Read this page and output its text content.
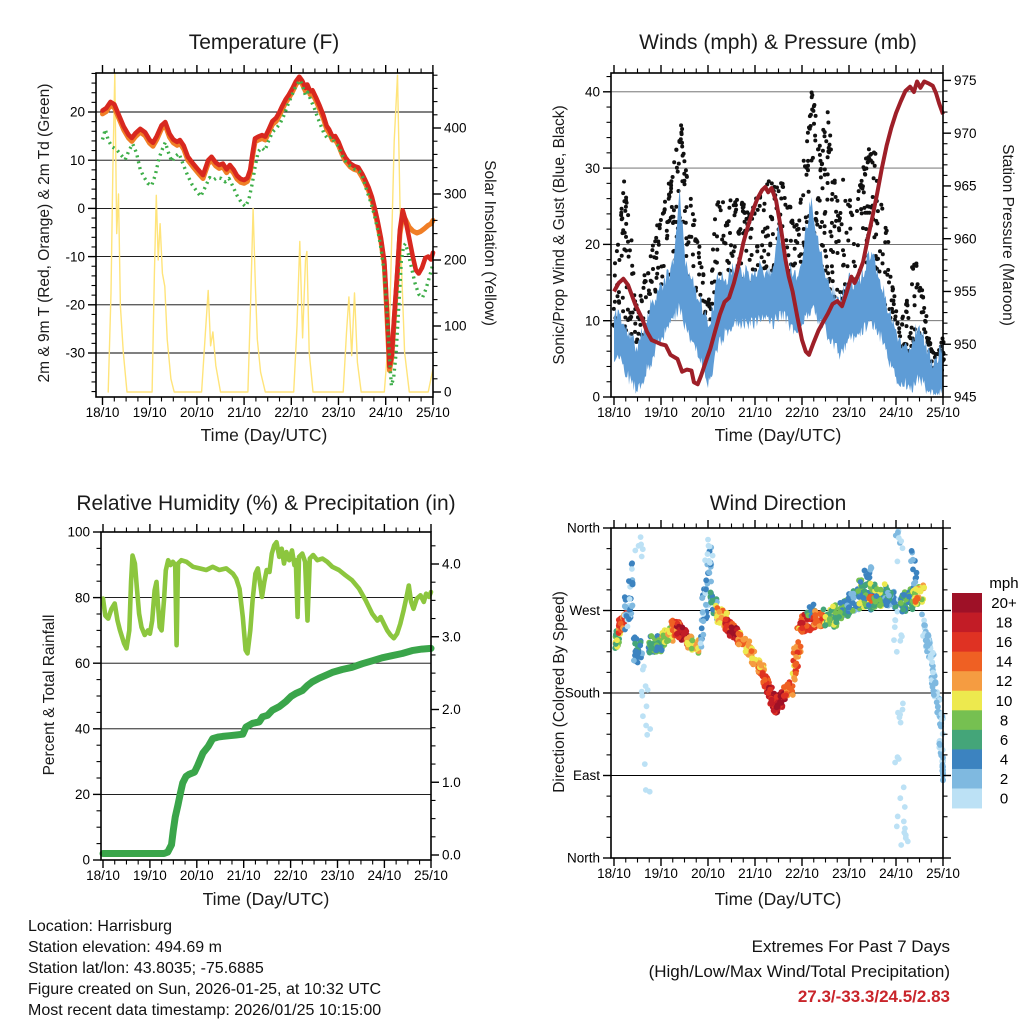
Temperature (F)	Winds (mph) & Pressure (mb)
Relative Humidity (%) & Precipitation (in)	Wind Direction
2m & 9m T (Red, Orange) & 2m Td (Green)	Solar Insolation (Yellow)	Sonic/Prop Wind & Gust (Blue, Black)	Station Pressure (Maroon)
Percent & Total Rainfall	Direction (Colored By Speed)
Time (Day/UTC)	Time (Day/UTC)
Time (Day/UTC)	Time (Day/UTC)
18/10 19/10 20/10 21/10 22/10 23/10 24/10 25/10
-30
-20
-10
0
10
20
0
100
200
300
400
18/10 19/10 20/10 21/10 22/10 23/10 24/10 25/10
0
10
20
30
40
945
950
955
960
965
970
975
18/10 19/10 20/10 21/10 22/10 23/10 24/10 25/10
0
20
40
60
80
100
0.0
1.0
2.0
3.0
4.0
18/10 19/10 20/10 21/10 22/10 23/10 24/10 25/10
North
West
South
East
North
mph
20+
18
16
14
12
10
8
6
4
2
0
Location: Harrisburg
Station elevation: 494.69 m
Station lat/lon: 43.8035; -75.6885
Figure created on Sun, 2026-01-25, at 10:32 UTC
Most recent data timestamp: 2026/01/25 10:15:00
Extremes For Past 7 Days
(High/Low/Max Wind/Total Precipitation)
27.3/-33.3/24.5/2.83
